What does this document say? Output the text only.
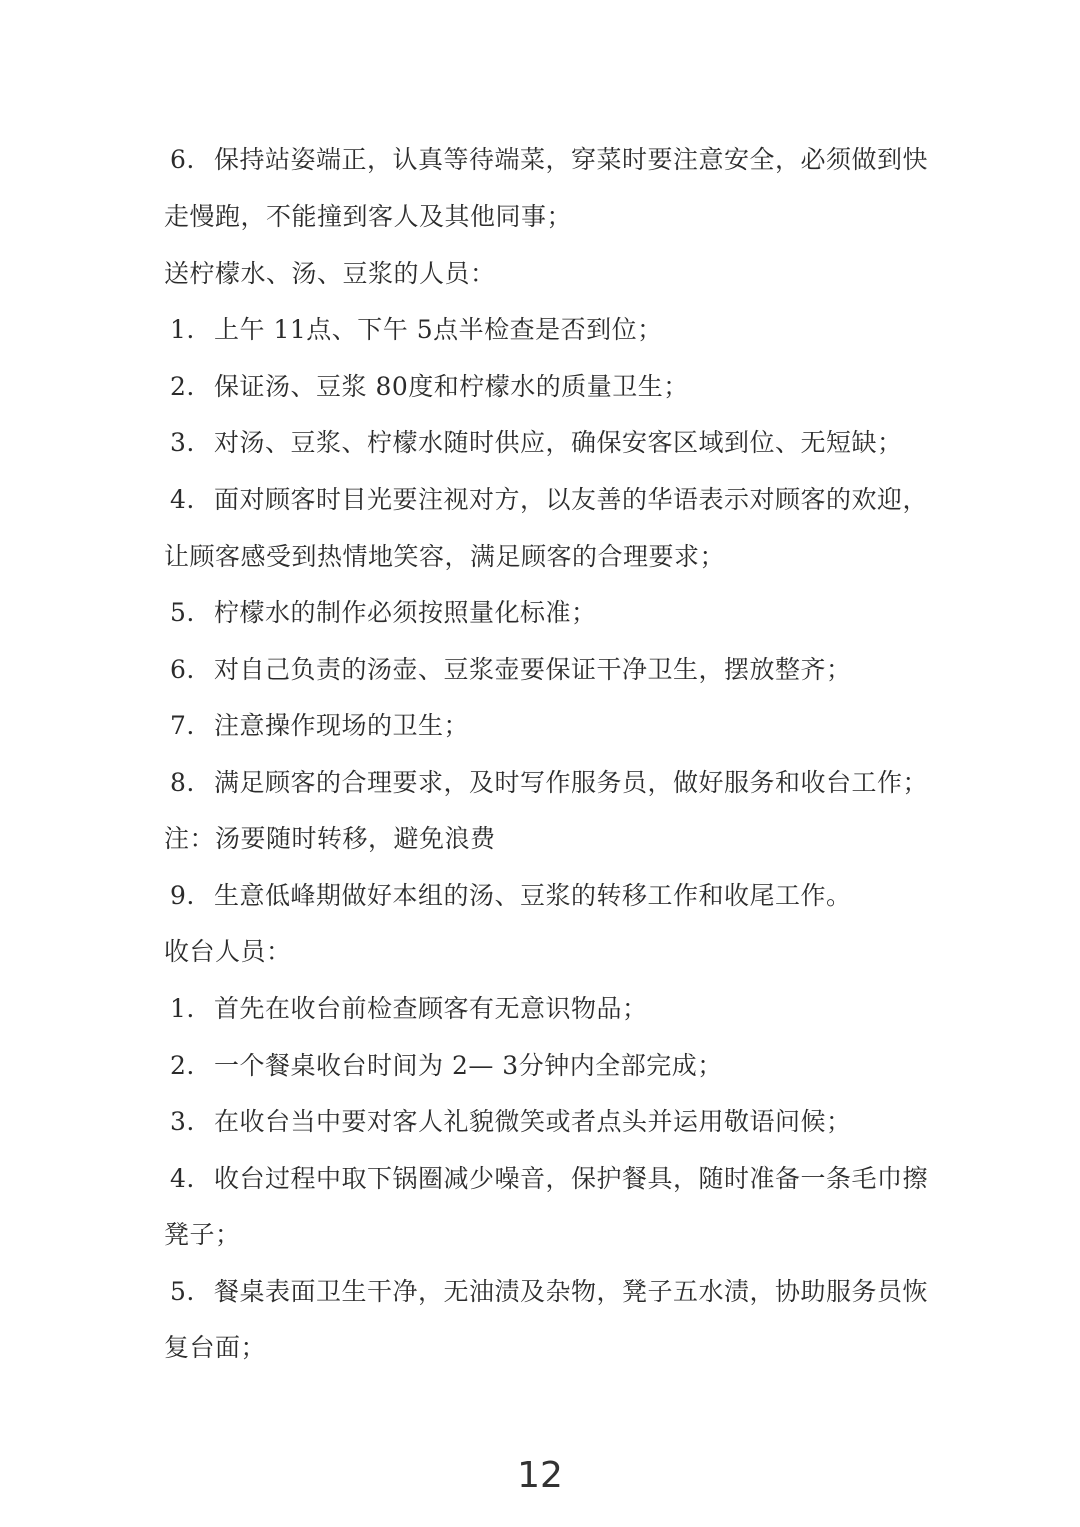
6. 保持站姿端正，认真等待端菜，穿菜时要注意安全，必须做到快
走慢跑，不能撞到客人及其他同事；
送柠檬水、汤、豆浆的人员：
1. 上午 11点、下午 5点半检查是否到位；
2. 保证汤、豆浆 80度和柠檬水的质量卫生；
3. 对汤、豆浆、柠檬水随时供应，确保安客区域到位、无短缺；
4. 面对顾客时目光要注视对方，以友善的华语表示对顾客的欢迎，
让顾客感受到热情地笑容，满足顾客的合理要求；
5. 柠檬水的制作必须按照量化标准；
6. 对自己负责的汤壶、豆浆壶要保证干净卫生，摆放整齐；
7. 注意操作现场的卫生；
8. 满足顾客的合理要求，及时写作服务员，做好服务和收台工作；
注：汤要随时转移，避免浪费
9. 生意低峰期做好本组的汤、豆浆的转移工作和收尾工作。
收台人员：
1. 首先在收台前检查顾客有无意识物品；
2. 一个餐桌收台时间为 2— 3分钟内全部完成；
3. 在收台当中要对客人礼貌微笑或者点头并运用敬语问候；
4. 收台过程中取下锅圈减少噪音，保护餐具，随时准备一条毛巾擦
凳子；
5. 餐桌表面卫生干净，无油渍及杂物，凳子五水渍，协助服务员恢
复台面；
12
